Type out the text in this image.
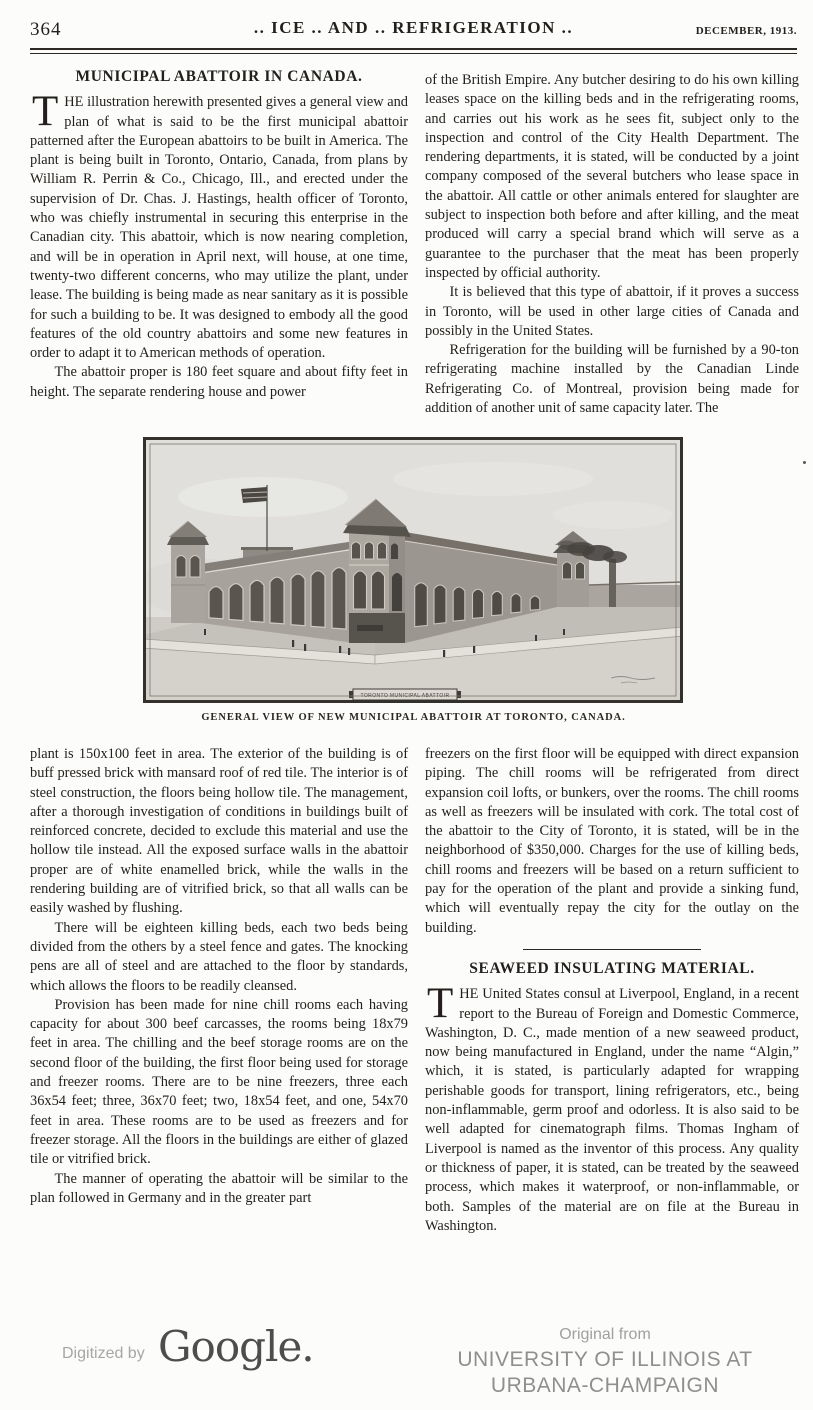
364	.. ICE .. AND .. REFRIGERATION ..	DECEMBER, 1913.

MUNICIPAL ABATTOIR IN CANADA.

THE illustration herewith presented gives a general view and plan of what is said to be the first municipal abattoir patterned after the European abattoirs to be built in America. The plant is being built in Toronto, Ontario, Canada, from plans by William R. Perrin & Co., Chicago, Ill., and erected under the supervision of Dr. Chas. J. Hastings, health officer of Toronto, who was chiefly instrumental in securing this enterprise in the Canadian city. This abattoir, which is now nearing completion, and will be in operation in April next, will house, at one time, twenty-two different concerns, who may utilize the plant, under lease. The building is being made as near sanitary as it is possible for such a building to be. It was designed to embody all the good features of the old country abattoirs and some new features in order to adapt it to American methods of operation.

The abattoir proper is 180 feet square and about fifty feet in height. The separate rendering house and power

of the British Empire. Any butcher desiring to do his own killing leases space on the killing beds and in the refrigerating rooms, and carries out his work as he sees fit, subject only to the inspection and control of the City Health Department. The rendering departments, it is stated, will be conducted by a joint company composed of the several butchers who lease space in the abattoir. All cattle or other animals entered for slaughter are subject to inspection both before and after killing, and the meat produced will carry a special brand which will serve as a guarantee to the purchaser that the meat has been properly inspected by official authority.

It is believed that this type of abattoir, if it proves a success in Toronto, will be used in other large cities of Canada and possibly in the United States.

Refrigeration for the building will be furnished by a 90-ton refrigerating machine installed by the Canadian Linde Refrigerating Co. of Montreal, provision being made for addition of another unit of same capacity later. The

TORONTO MUNICIPAL ABATTOIR
GENERAL VIEW OF NEW MUNICIPAL ABATTOIR AT TORONTO, CANADA.

plant is 150x100 feet in area. The exterior of the building is of buff pressed brick with mansard roof of red tile. The interior is of steel construction, the floors being hollow tile. The management, after a thorough investigation of conditions in buildings built of reinforced concrete, decided to exclude this material and use the hollow tile instead. All the exposed surface walls in the abattoir proper are of white enamelled brick, while the walls in the rendering building are of vitrified brick, so that all walls can be easily washed by flushing.

There will be eighteen killing beds, each two beds being divided from the others by a steel fence and gates. The knocking pens are all of steel and are attached to the floor by standards, which allows the floors to be readily cleansed.

Provision has been made for nine chill rooms each having capacity for about 300 beef carcasses, the rooms being 18x79 feet in area. The chilling and the beef storage rooms are on the second floor of the building, the first floor being used for storage and freezer rooms. There are to be nine freezers, three each 36x54 feet; three, 36x70 feet; two, 18x54 feet, and one, 54x70 feet in area. These rooms are to be used as freezers and for freezer storage. All the floors in the buildings are either of glazed tile or vitrified brick.

The manner of operating the abattoir will be similar to the plan followed in Germany and in the greater part

freezers on the first floor will be equipped with direct expansion piping. The chill rooms will be refrigerated from direct expansion coil lofts, or bunkers, over the rooms. The chill rooms as well as freezers will be insulated with cork. The total cost of the abattoir to the City of Toronto, it is stated, will be in the neighborhood of $350,000. Charges for the use of killing beds, chill rooms and freezers will be based on a return sufficient to pay for the operation of the plant and provide a sinking fund, which will eventually repay the city for the outlay on the building.

SEAWEED INSULATING MATERIAL.

THE United States consul at Liverpool, England, in a recent report to the Bureau of Foreign and Domestic Commerce, Washington, D. C., made mention of a new seaweed product, now being manufactured in England, under the name “Algin,” which, it is stated, is particularly adapted for wrapping perishable goods for transport, lining refrigerators, etc., being non-inflammable, germ proof and odorless. It is also said to be well adapted for cinematograph films. Thomas Ingham of Liverpool is named as the inventor of this process. Any quality or thickness of paper, it is stated, can be treated by the seaweed process, which makes it waterproof, or non-inflammable, or both. Samples of the material are on file at the Bureau in Washington.

Digitized by Google.	Original from
UNIVERSITY OF ILLINOIS AT
URBANA-CHAMPAIGN
